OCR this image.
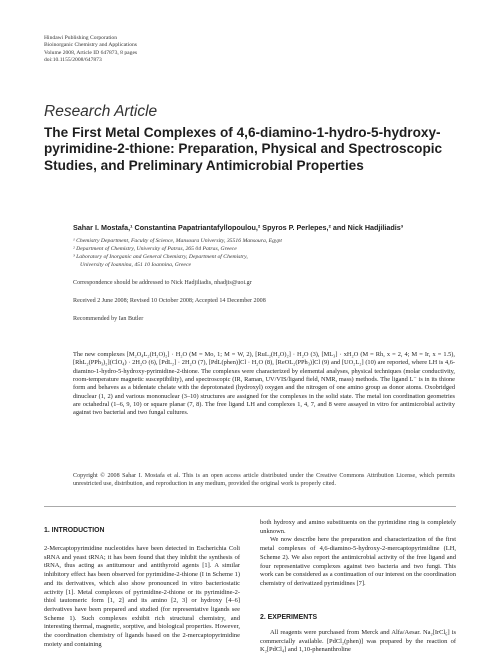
Hindawi Publishing Corporation
Bioinorganic Chemistry and Applications
Volume 2008, Article ID 647873, 8 pages
doi:10.1155/2008/647873
Research Article
The First Metal Complexes of 4,6-diamino-1-hydro-5-hydroxy-pyrimidine-2-thione: Preparation, Physical and Spectroscopic Studies, and Preliminary Antimicrobial Properties
Sahar I. Mostafa,¹ Constantina Papatriantafyllopoulou,² Spyros P. Perlepes,² and Nick Hadjiliadis³
¹ Chemistry Department, Faculty of Science, Mansoura University, 35516 Mansoura, Egypt
² Department of Chemistry, University of Patras, 265 04 Patras, Greece
³ Laboratory of Inorganic and General Chemistry, Department of Chemistry,
University of Ioannina, 451 10 Ioannina, Greece
Correspondence should be addressed to Nick Hadjiliadis, nhadjis@uoi.gr
Received 2 June 2008; Revised 10 October 2008; Accepted 14 December 2008
Recommended by Ian Butler
The new complexes [M₂O₄L₂(H₂O)₂] · H₂O (M = Mo, 1; M = W, 2), [RuL₂(H₂O)₂] · H₂O (3), [ML₃] · xH₂O (M = Rh, x = 2, 4; M = Ir, x = 1.5), [RhL₂(PPh₃)₂](ClO₄) · 2H₂O (6), [PdL₂] · 2H₂O (7), [PdL(phen)]Cl · H₂O (8), [ReOL₂(PPh₃)]Cl (9) and [UO₂L₂] (10) are reported, where LH is 4,6-diamino-1-hydro-5-hydroxy-pyrimidine-2-thione. The complexes were characterized by elemental analyses, physical techniques (molar conductivity, room-temperature magnetic susceptibility), and spectroscopic (IR, Raman, UV/VIS/ligand field, NMR, mass) methods. The ligand L⁻ is in its thione form and behaves as a bidentate chelate with the deprotonated (hydroxyl) oxygen and the nitrogen of one amino group as donor atoms. Oxobridged dinuclear (1, 2) and various mononuclear (3–10) structures are assigned for the complexes in the solid state. The metal ion coordination geometries are octahedral (1–6, 9, 10) or square planar (7, 8). The free ligand LH and complexes 1, 4, 7, and 8 were assayed in vitro for antimicrobial activity against two bacterial and two fungal cultures.
Copyright © 2008 Sahar I. Mostafa et al. This is an open access article distributed under the Creative Commons Attribution License, which permits unrestricted use, distribution, and reproduction in any medium, provided the original work is properly cited.
1. INTRODUCTION

2-Mercaptopyrimidine nucleotides have been detected in Escherichia Coli sRNA and yeast tRNA; it has been found that they inhibit the synthesis of tRNA, thus acting as antitumour and antithyroid agents [1]. A similar inhibitory effect has been observed for pyrimidine-2-thione (I in Scheme 1) and its derivatives, which also show pronounced in vitro bacteriostatic activity [1]. Metal complexes of pyrimidine-2-thione or its pyrimidine-2-thiol tautomeric form [1, 2] and its amino [2, 3] or hydroxy [4–6] derivatives have been prepared and studied (for representative ligands see Scheme 1). Such complexes exhibit rich structural chemistry, and interesting thermal, magnetic, sorptive, and biological properties. However, the coordination chemistry of ligands based on the 2-mercaptopyrimidine moiety and containing

both hydroxy and amino substituents on the pyrimidine ring is completely unknown.

We now describe here the preparation and characterization of the first metal complexes of 4,6-diamino-5-hydroxy-2-mercaptopyrimidine (LH, Scheme 2). We also report the antimicrobial activity of the free ligand and four representative complexes against two bacteria and two fungi. This work can be considered as a continuation of our interest on the coordination chemistry of derivatized pyrimidines [7].

2. EXPERIMENTS

All reagents were purchased from Merck and Alfa/Aesar. Na₂[IrCl₆] is commercially available. [PdCl₂(phen)] was prepared by the reaction of K₂[PdCl₄] and 1,10-phenanthroline
